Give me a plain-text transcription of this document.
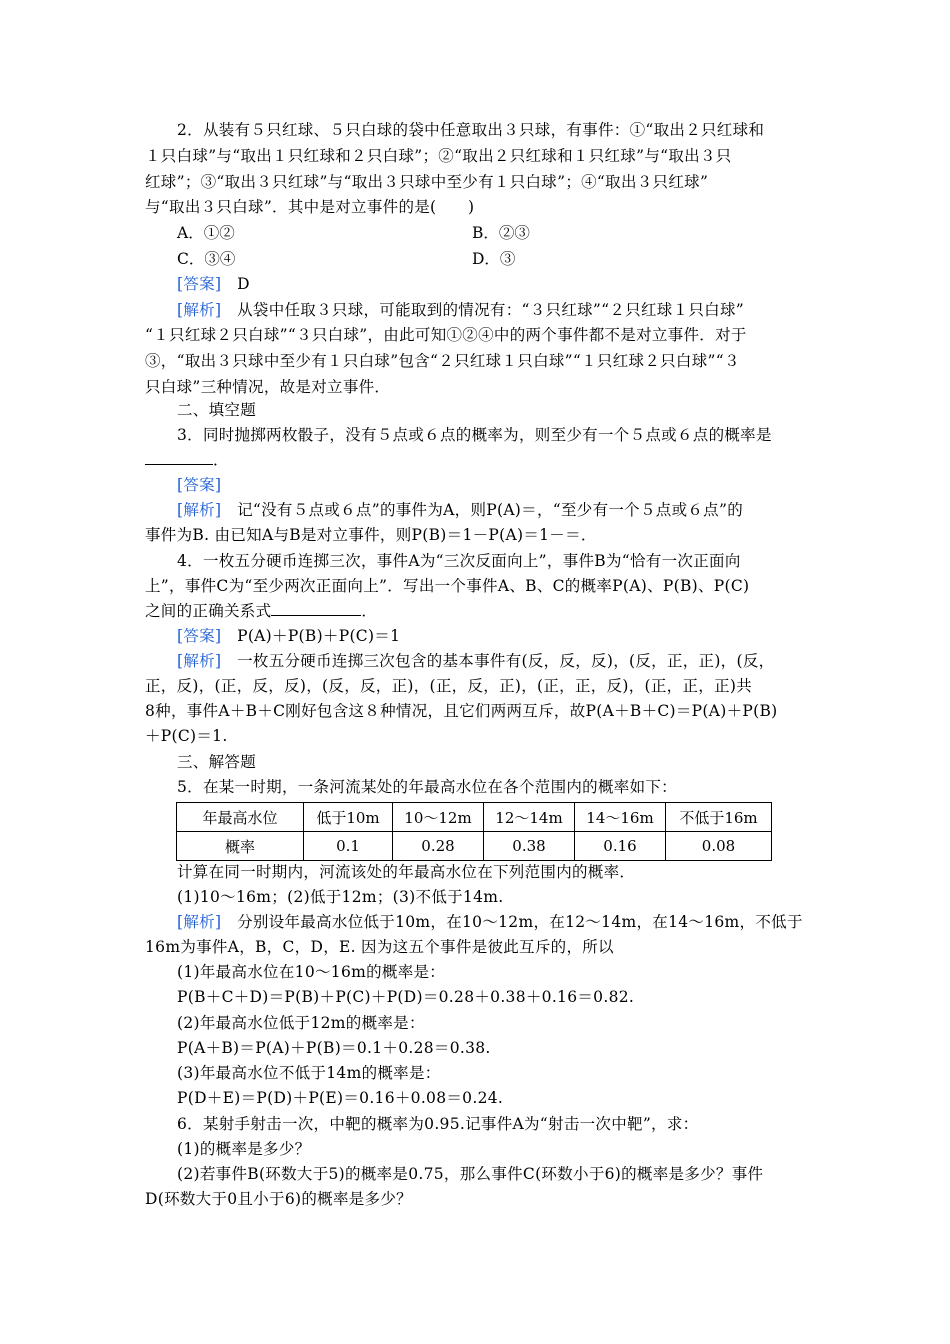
2．从装有５只红球、５只白球的袋中任意取出３只球，有事件：①“取出２只红球和
１只白球”与“取出１只红球和２只白球”；②“取出２只红球和１只红球”与“取出３只
红球”；③“取出３只红球”与“取出３只球中至少有１只白球”；④“取出３只红球”
与“取出３只白球”．其中是对立事件的是(　　)
A．①②	B．②③
C．③④	D．③
[答案]　D
[解析]　从袋中任取３只球，可能取到的情况有：“３只红球”“２只红球１只白球”
“１只红球２只白球”“３只白球”，由此可知①②④中的两个事件都不是对立事件．对于
③，“取出３只球中至少有１只白球”包含“２只红球１只白球”“１只红球２只白球”“３
只白球”三种情况，故是对立事件．
二、填空题
3．同时抛掷两枚骰子，没有５点或６点的概率为，则至少有一个５点或６点的概率是
．
[答案]
[解析]　记“没有５点或６点”的事件为A，则P(A)＝，“至少有一个５点或６点”的
事件为B. 由已知A与B是对立事件，则P(B)＝1－P(A)＝1－＝．
4．一枚五分硬币连掷三次，事件A为“三次反面向上”，事件B为“恰有一次正面向
上”，事件C为“至少两次正面向上”．写出一个事件A、B、C的概率P(A)、P(B)、P(C)
之间的正确关系式	．
[答案]　P(A)＋P(B)＋P(C)＝1
[解析]　一枚五分硬币连掷三次包含的基本事件有(反，反，反)，(反，正，正)，(反，
正，反)，(正，反，反)，(反，反，正)，(正，反，正)，(正，正，反)，(正，正，正)共
8种，事件A＋B＋C刚好包含这８种情况，且它们两两互斥，故P(A＋B＋C)＝P(A)＋P(B)
＋P(C)＝1.
三、解答题
5．在某一时期，一条河流某处的年最高水位在各个范围内的概率如下：
年最高水位	低于10m	10～12m	12～14m	14～16m	不低于16m
概率	0.1	0.28	0.38	0.16	0.08
计算在同一时期内，河流该处的年最高水位在下列范围内的概率．
(1)10～16m；(2)低于12m；(3)不低于14m.
[解析]　分别设年最高水位低于10m，在10～12m，在12～14m，在14～16m，不低于
16m为事件A，B，C，D，E. 因为这五个事件是彼此互斥的，所以
(1)年最高水位在10～16m的概率是：
P(B＋C＋D)＝P(B)＋P(C)＋P(D)＝0.28＋0.38＋0.16＝0.82.
(2)年最高水位低于12m的概率是：
P(A＋B)＝P(A)＋P(B)＝0.1＋0.28＝0.38.
(3)年最高水位不低于14m的概率是：
P(D＋E)＝P(D)＋P(E)＝0.16＋0.08＝0.24.
6．某射手射击一次，中靶的概率为0.95.记事件A为“射击一次中靶”，求：
(1)的概率是多少？
(2)若事件B(环数大于5)的概率是0.75，那么事件C(环数小于6)的概率是多少？事件
D(环数大于0且小于6)的概率是多少？
